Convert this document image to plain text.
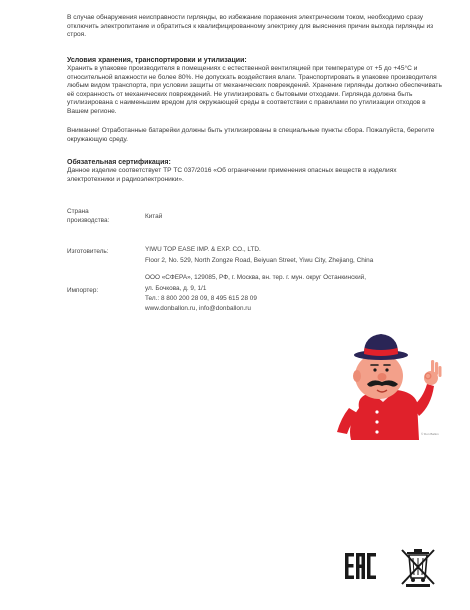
В случае обнаружения неисправности гирлянды, во избежание поражения электрическим током, необходимо сразу отключить электропитание и обратиться к квалифицированному электрику для выяснения причин выхода гирлянды из строя.
Условия хранения, транспортировки и утилизации:
Хранить в упаковке производителя в помещениях с естественной вентиляцией при температуре от +5 до +45°С и относительной влажности не более 80%. Не допускать воздействия влаги. Транспортировать в упаковке производителя любым видом транспорта, при условии защиты от механических повреждений. Хранение гирлянды должно обеспечивать её сохранность от механических повреждений. Не утилизировать с бытовыми отходами. Гирлянда должна быть утилизирована с наименьшим вредом для окружающей среды в соответствии с правилами по утилизации отходов в Вашем регионе.
Внимание! Отработанные батарейки должны быть утилизированы в специальные пункты сбора. Пожалуйста, берегите окружающую среду.
Обязательная сертификация:
Данное изделие соответствует ТР ТС 037/2016 «Об ограничении применения опасных веществ в изделиях электротехники и радиоэлектроники».
Страна производства:
Китай
Изготовитель:	YIWU TOP EASE IMP. & EXP. CO., LTD.
Floor 2, No. 529, North Zongze Road, Beiyuan Street, Yiwu City, Zhejiang, China
Импортер:
ООО «СФЕРА», 129085, РФ, г. Москва, вн. тер. г. мун. округ Останкинский,
ул. Бочкова, д. 9, 1/1
Тел.: 8 800 200 28 09, 8 495 615 28 09
www.donballon.ru, info@donballon.ru
© Don Ballon
